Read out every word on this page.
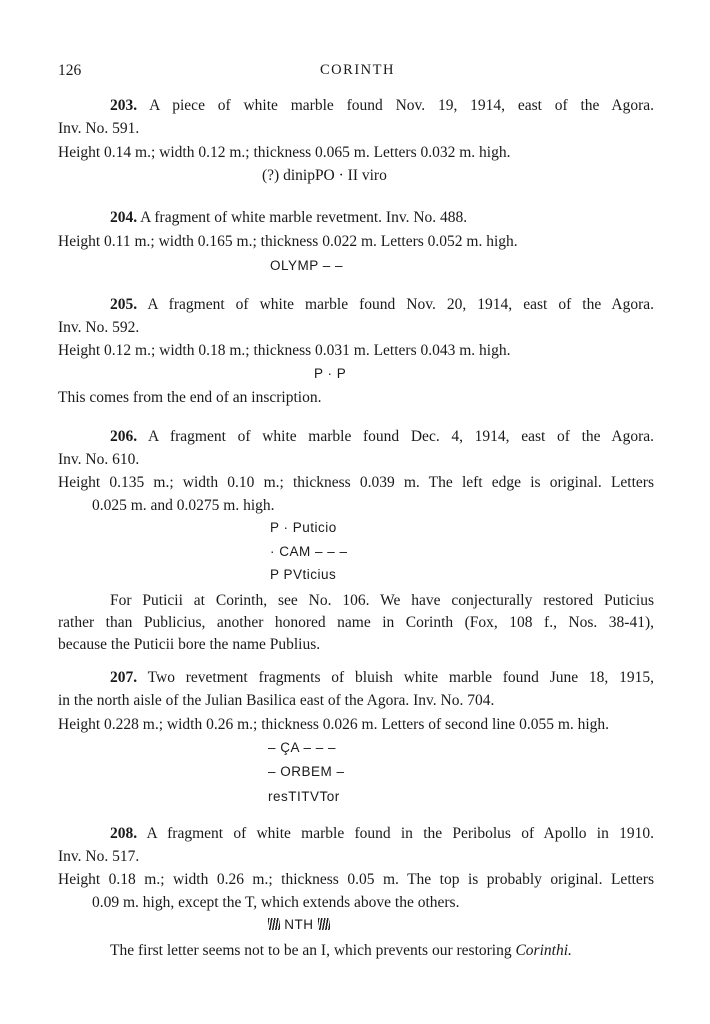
126	CORINTH
203. A piece of white marble found Nov. 19, 1914, east of the Agora.
Inv. No. 591.
Height 0.14 m.; width 0.12 m.; thickness 0.065 m. Letters 0.032 m. high.
(?) dinipPO · II viro
204. A fragment of white marble revetment. Inv. No. 488.
Height 0.11 m.; width 0.165 m.; thickness 0.022 m. Letters 0.052 m. high.
OLYMP – –
205. A fragment of white marble found Nov. 20, 1914, east of the Agora.
Inv. No. 592.
Height 0.12 m.; width 0.18 m.; thickness 0.031 m. Letters 0.043 m. high.
P · P
This comes from the end of an inscription.
206. A fragment of white marble found Dec. 4, 1914, east of the Agora.
Inv. No. 610.
Height 0.135 m.; width 0.10 m.; thickness 0.039 m. The left edge is original. Letters
0.025 m. and 0.0275 m. high.
P · Puticio
· CAM – – –
P PVticius
For Puticii at Corinth, see No. 106. We have conjecturally restored Puticius
rather than Publicius, another honored name in Corinth (Fox, 108 f., Nos. 38-41),
because the Puticii bore the name Publius.
207. Two revetment fragments of bluish white marble found June 18, 1915,
in the north aisle of the Julian Basilica east of the Agora. Inv. No. 704.
Height 0.228 m.; width 0.26 m.; thickness 0.026 m. Letters of second line 0.055 m. high.
– ÇA – – –
– ORBEM –
resTITVTor
208. A fragment of white marble found in the Peribolus of Apollo in 1910.
Inv. No. 517.
Height 0.18 m.; width 0.26 m.; thickness 0.05 m. The top is probably original. Letters
0.09 m. high, except the T, which extends above the others.
NTH
The first letter seems not to be an I, which prevents our restoring Corinthi.
